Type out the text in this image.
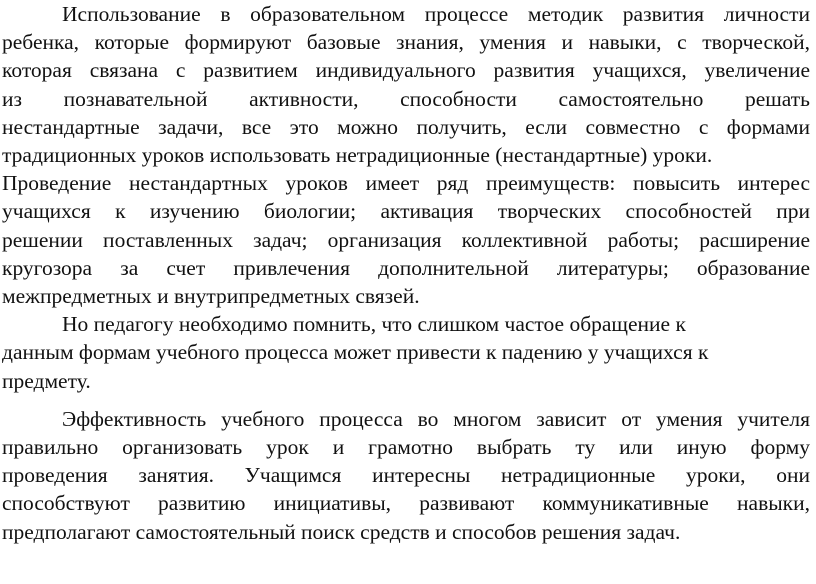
Использование в образовательном процессе методик развития личности
ребенка, которые формируют базовые знания, умения и навыки, с творческой,
которая связана с развитием индивидуального развития учащихся, увеличение
из познавательной активности, способности самостоятельно решать
нестандартные задачи, все это можно получить, если совместно с формами
традиционных уроков использовать нетрадиционные (нестандартные) уроки.
Проведение нестандартных уроков имеет ряд преимуществ: повысить интерес
учащихся к изучению биологии; активация творческих способностей при
решении поставленных задач; организация коллективной работы; расширение
кругозора за счет привлечения дополнительной литературы; образование
межпредметных и внутрипредметных связей.
Но педагогу необходимо помнить, что слишком частое обращение к
данным формам учебного процесса может привести к падению у учащихся к
предмету.
Эффективность учебного процесса во многом зависит от умения учителя
правильно организовать урок и грамотно выбрать ту или иную форму
проведения занятия. Учащимся интересны нетрадиционные уроки, они
способствуют развитию инициативы, развивают коммуникативные навыки,
предполагают самостоятельный поиск средств и способов решения задач.
